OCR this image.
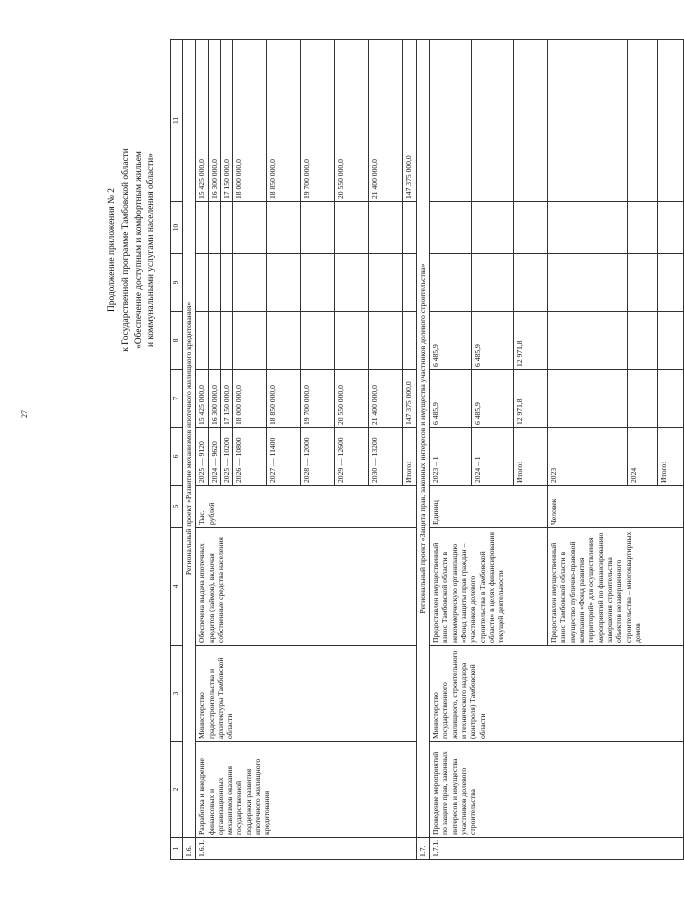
27
Продолжение приложения № 2 к Государственной программе Тамбовской области «Обеспечение доступным и комфортным жильем и коммунальными услугами населения области»
1	2	3	4	5	6	7	8	9	10	11
1.6.	Региональный проект «Развитие механизмов ипотечного жилищного кредитования»									
1.6.1.	Разработка и внедрение финансовых и организационных механизмов оказания государственной поддержки развития ипотечного жилищного кредитования	Министерство градостроительства и архитектуры Тамбовской области	Обеспечена выдача ипотечных кредитов (займов), включая собственные средства населения	Тыс. рублей	2025 — 9120	15 425 000,0				15 425 000,0
					2024 — 9620	16 300 000,0				16 300 000,0
					2025 — 10200	17 150 000,0				17 150 000,0
					2026 — 10800	18 000 000,0				18 000 000,0
					2027 — 11400	18 850 000,0				18 850 000,0
					2028 — 12000	19 700 000,0				19 700 000,0
					2029 — 12600	20 550 000,0				20 550 000,0
					2030 — 13200	21 400 000,0				21 400 000,0
					Итого:	147 375 000,0				147 375 000,0
1.7.	Региональный проект «Защита прав, законных интересов и имущества участников долевого строительства»									
1.7.1.	Проведение мероприятий по защите прав, законных интересов и имущества участников долевого строительства	Министерство государственного жилищного, строительного и технического надзора (контроля) Тамбовской области	Предоставлен имущественный взнос Тамбовской области в некоммерческую организацию «Фонд защиты прав граждан – участников долевого строительства в Тамбовской области» в целях финансирования текущей деятельности	Единиц	2023 – 1	6 485,9	6 485,9			
					2024 – 1	6 485,9	6 485,9			
					Итого:	12 971,8	12 971,8			
			Предоставлен имущественный взнос Тамбовской области в имущество публично-правовой компании «Фонд развития территорий» для осуществления мероприятий по финансированию завершения строительства объектов незавершенного строительства – многоквартирных домов	Человек	2023					
					2024					
					Итого:					
